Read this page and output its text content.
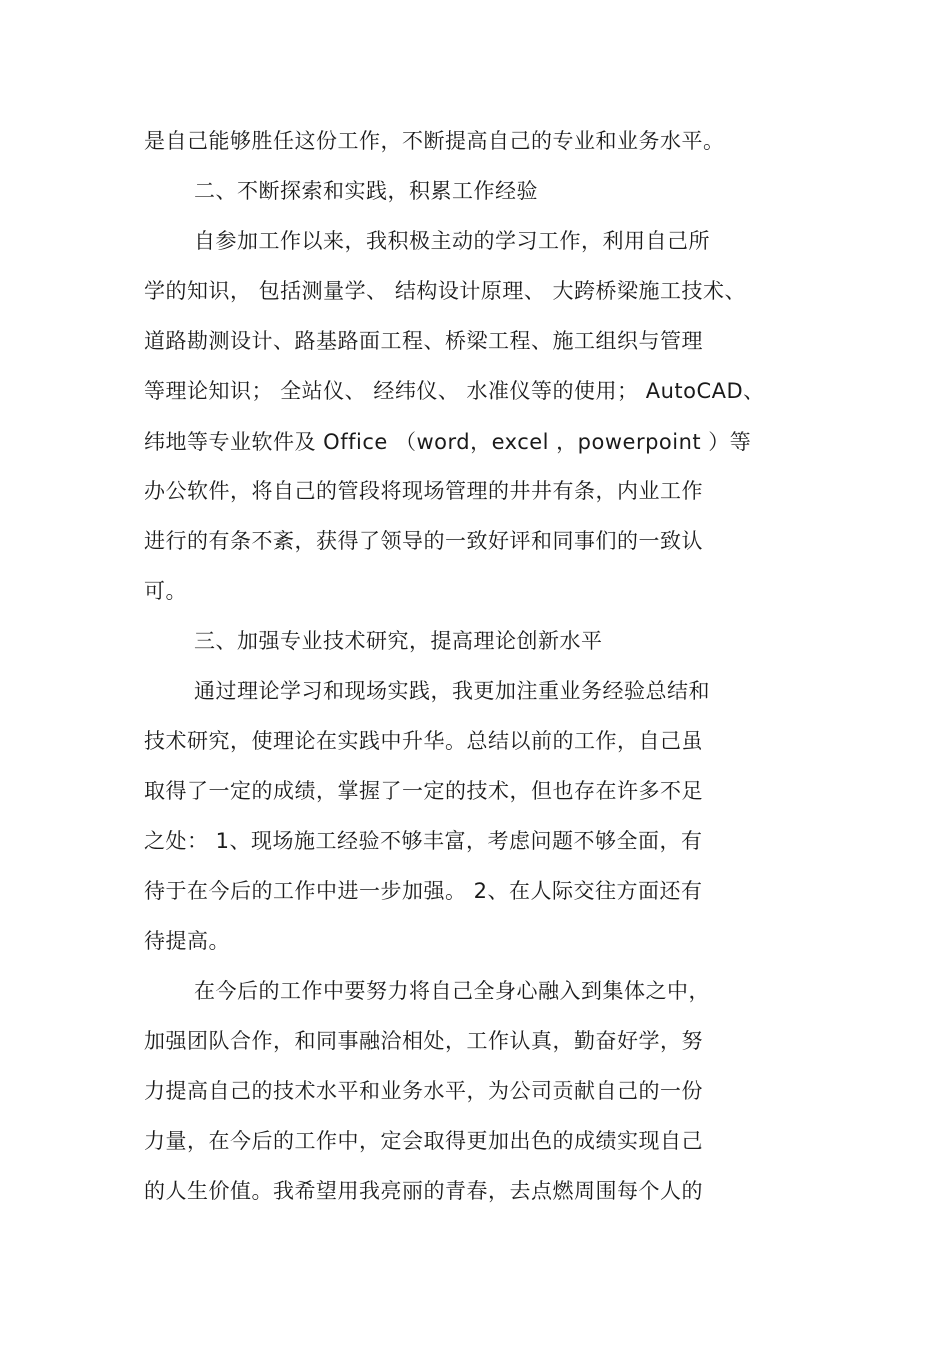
是自己能够胜任这份工作，不断提高自己的专业和业务水平。
二、不断探索和实践，积累工作经验
自参加工作以来，我积极主动的学习工作，利用自己所
学的知识， 包括测量学、 结构设计原理、 大跨桥梁施工技术、
道路勘测设计、路基路面工程、桥梁工程、施工组织与管理
等理论知识； 全站仪、 经纬仪、 水准仪等的使用； AutoCAD、
纬地等专业软件及 Office （word，excel ，powerpoint ）等
办公软件，将自己的管段将现场管理的井井有条，内业工作
进行的有条不紊，获得了领导的一致好评和同事们的一致认
可。
三、加强专业技术研究，提高理论创新水平
通过理论学习和现场实践，我更加注重业务经验总结和
技术研究，使理论在实践中升华。总结以前的工作，自己虽
取得了一定的成绩，掌握了一定的技术，但也存在许多不足
之处： 1、现场施工经验不够丰富，考虑问题不够全面，有
待于在今后的工作中进一步加强。 2、在人际交往方面还有
待提高。
在今后的工作中要努力将自己全身心融入到集体之中，
加强团队合作，和同事融洽相处，工作认真，勤奋好学，努
力提高自己的技术水平和业务水平，为公司贡献自己的一份
力量，在今后的工作中，定会取得更加出色的成绩实现自己
的人生价值。我希望用我亮丽的青春，去点燃周围每个人的
